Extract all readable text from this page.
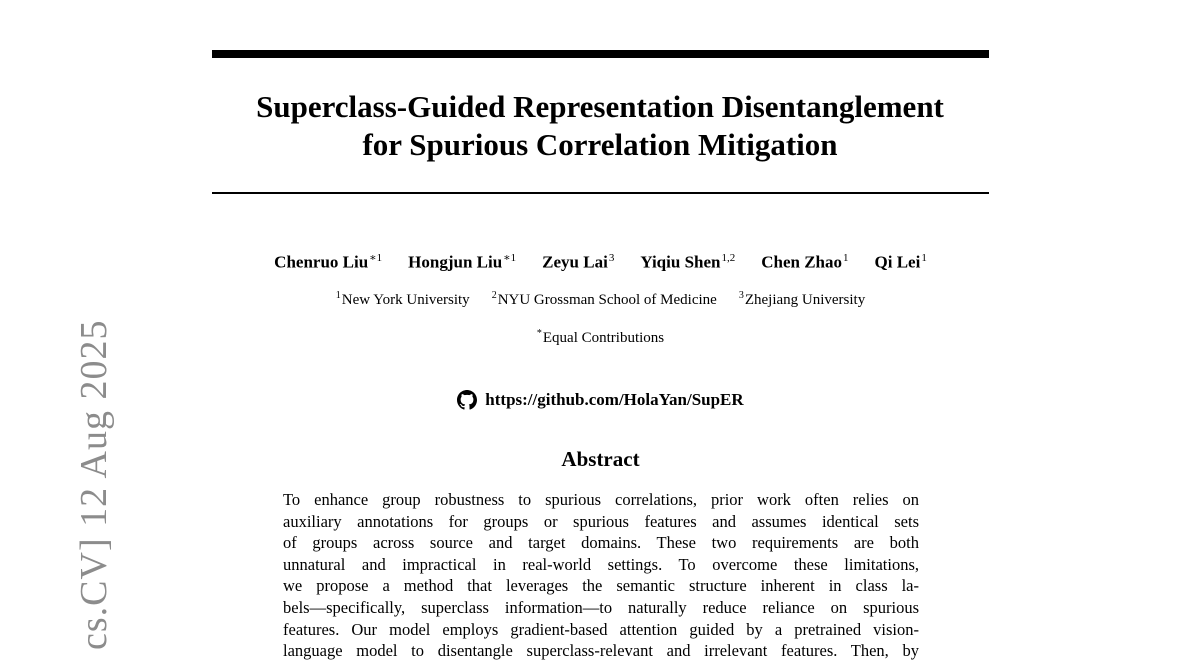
Superclass-Guided Representation Disentanglement
for Spurious Correlation Mitigation
Chenruo Liu$^{∗1}$ Hongjun Liu$^{∗1}$ Zeyu Lai$^3$ Yiqiu Shen$^{1,2}$ Chen Zhao$^1$ Qi Lei$^1$
$^1$New York University $^2$NYU Grossman School of Medicine $^3$Zhejiang University
*Equal Contributions
https://github.com/HolaYan/SupER
Abstract
To enhance group robustness to spurious correlations, prior work often relies on
auxiliary annotations for groups or spurious features and assumes identical sets
of groups across source and target domains. These two requirements are both
unnatural and impractical in real-world settings. To overcome these limitations,
we propose a method that leverages the semantic structure inherent in class la-
bels—specifically, superclass information—to naturally reduce reliance on spurious
features. Our model employs gradient-based attention guided by a pretrained vision-
language model to disentangle superclass-relevant and irrelevant features. Then, by
cs.CV] 12 Aug 2025
